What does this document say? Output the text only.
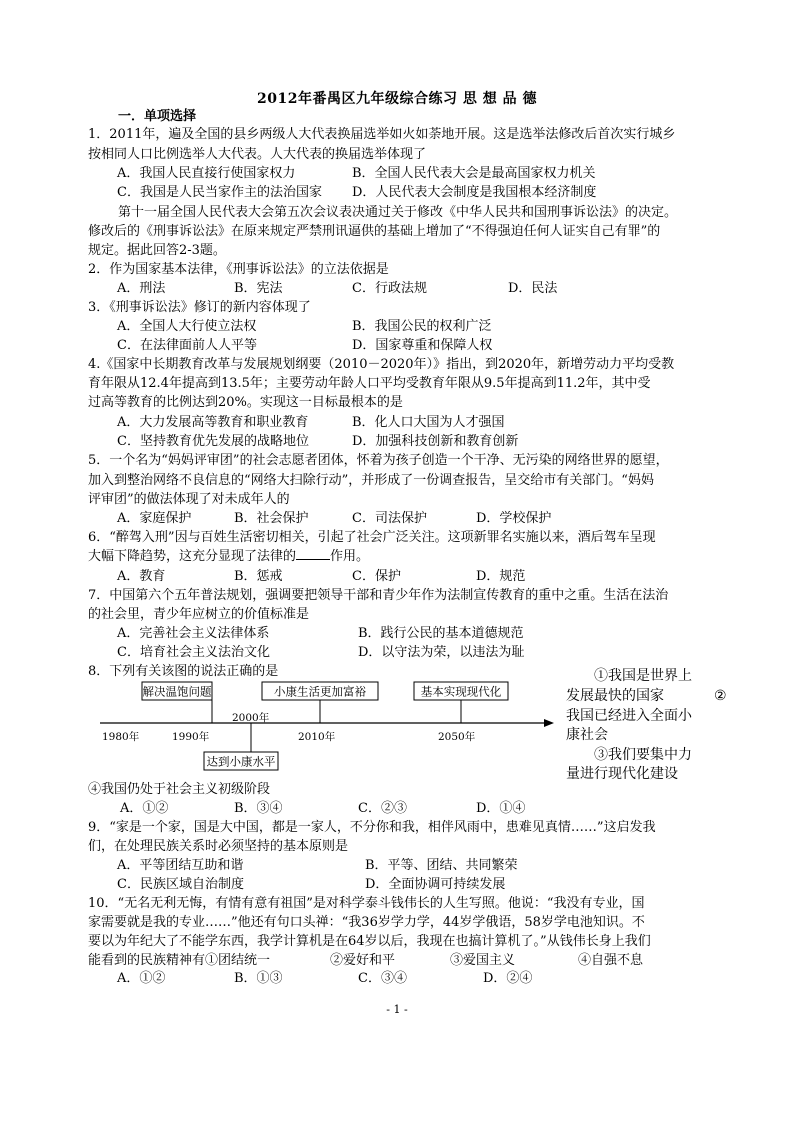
2012年番禺区九年级综合练习 思 想 品 德
一．单项选择
1．2011年，遍及全国的县乡两级人大代表换届选举如火如荼地开展。这是选举法修改后首次实行城乡
按相同人口比例选举人大代表。人大代表的换届选举体现了
A．我国人民直接行使国家权力	B．全国人民代表大会是最高国家权力机关
C．我国是人民当家作主的法治国家 D．人民代表大会制度是我国根本经济制度
第十一届全国人民代表大会第五次会议表决通过关于修改《中华人民共和国刑事诉讼法》的决定。
修改后的《刑事诉讼法》在原来规定严禁刑讯逼供的基础上增加了“不得强迫任何人证实自己有罪”的
规定。据此回答2-3题。
2．作为国家基本法律，《刑事诉讼法》的立法依据是
A．刑法	B．宪法	C．行政法规	D．民法
3．《刑事诉讼法》修订的新内容体现了
A．全国人大行使立法权	B．我国公民的权利广泛
C．在法律面前人人平等	D．国家尊重和保障人权
4.《国家中长期教育改革与发展规划纲要（2010－2020年）》指出，到2020年，新增劳动力平均受教
育年限从12.4年提高到13.5年；主要劳动年龄人口平均受教育年限从9.5年提高到11.2年，其中受
过高等教育的比例达到20%。实现这一目标最根本的是
A．大力发展高等教育和职业教育	B．化人口大国为人才强国
C．坚持教育优先发展的战略地位	D．加强科技创新和教育创新
5．一个名为“妈妈评审团”的社会志愿者团体，怀着为孩子创造一个干净、无污染的网络世界的愿望，
加入到整治网络不良信息的“网络大扫除行动”，并形成了一份调查报告，呈交给市有关部门。“妈妈
评审团”的做法体现了对未成年人的
A．家庭保护	B．社会保护	C．司法保护	D．学校保护
6．“醉驾入刑”因与百姓生活密切相关，引起了社会广泛关注。这项新罪名实施以来，酒后驾车呈现
大幅下降趋势，这充分显现了法律的	作用。
A．教育	B．惩戒	C．保护	D．规范
7．中国第六个五年普法规划，强调要把领导干部和青少年作为法制宣传教育的重中之重。生活在法治
的社会里，青少年应树立的价值标准是
A．完善社会主义法律体系	B．践行公民的基本道德规范
C．培育社会主义法治文化	D．以守法为荣，以违法为耻
8．下列有关该图的说法正确的是
解决温饱问题	小康生活更加富裕	基本实现现代化
达到小康水平
1980年	1990年
2000年
2010年	2050年
①我国是世界上
发展最快的国家	②
我国已经进入全面小
康社会
③我们要集中力
量进行现代化建设
④我国仍处于社会主义初级阶段
A．①②	B．③④	C．②③	D．①④
9．“家是一个家，国是大中国，都是一家人，不分你和我，相伴风雨中，患难见真情……”这启发我
们，在处理民族关系时必须坚持的基本原则是
A．平等团结互助和谐	B．平等、团结、共同繁荣
C．民族区域自治制度	D．全面协调可持续发展
10．“无名无利无悔，有情有意有祖国”是对科学泰斗钱伟长的人生写照。他说：“我没有专业，国
家需要就是我的专业……”他还有句口头禅：“我36岁学力学，44岁学俄语，58岁学电池知识。不
要以为年纪大了不能学东西，我学计算机是在64岁以后，我现在也搞计算机了。”从钱伟长身上我们
能看到的民族精神有①团结统一	②爱好和平	③爱国主义	④自强不息
A．①②	B．①③	C．③④	D．②④
- 1 -
